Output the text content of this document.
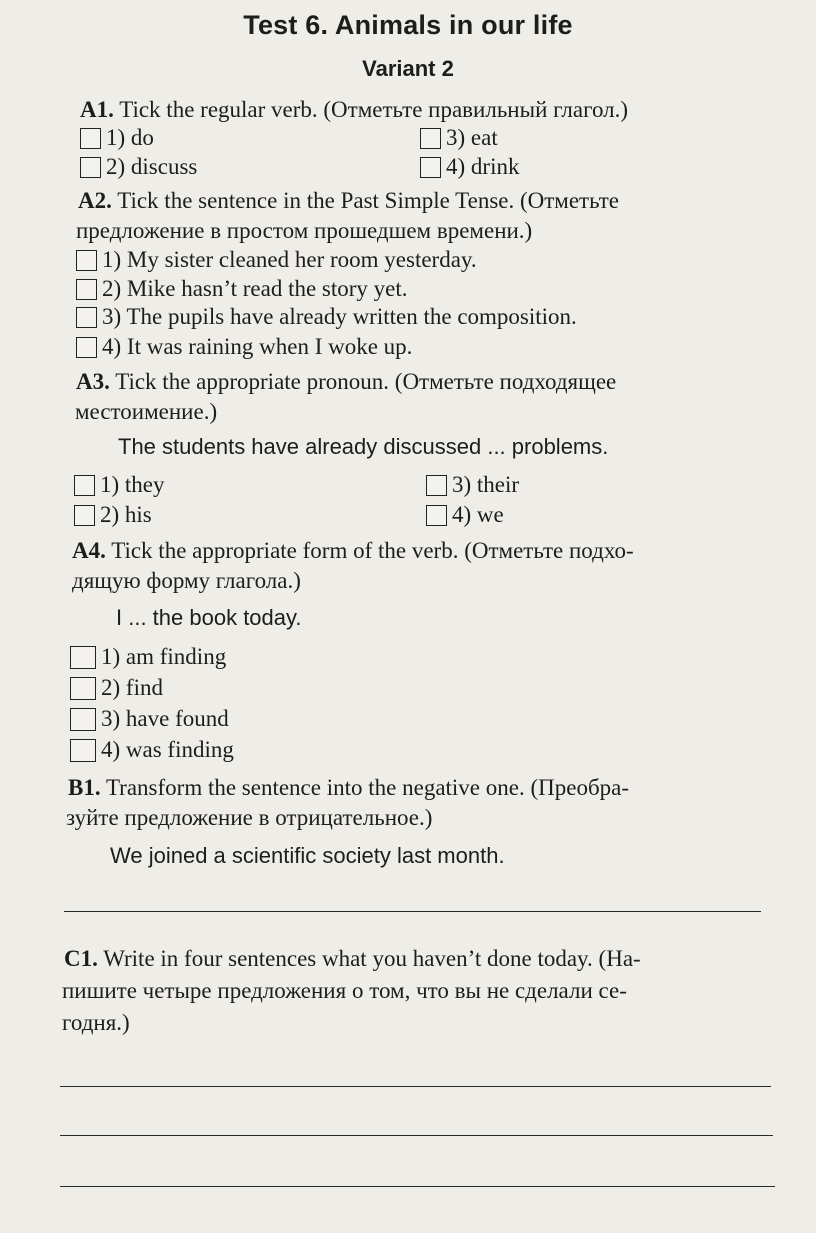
Test 6. Animals in our life
Variant 2
A1. Tick the regular verb. (Отметьте правильный глагол.)
1) do
2) discuss
3) eat
4) drink
A2. Tick the sentence in the Past Simple Tense. (Отметьте
предложение в простом прошедшем времени.)
1) My sister cleaned her room yesterday.
2) Mike hasn’t read the story yet.
3) The pupils have already written the composition.
4) It was raining when I woke up.
A3. Tick the appropriate pronoun. (Отметьте подходящее
местоимение.)
The students have already discussed ... problems.
1) they
2) his
3) their
4) we
A4. Tick the appropriate form of the verb. (Отметьте подхо-
дящую форму глагола.)
I ... the book today.
1) am finding
2) find
3) have found
4) was finding
B1. Transform the sentence into the negative one. (Преобра-
зуйте предложение в отрицательное.)
We joined a scientific society last month.
C1. Write in four sentences what you haven’t done today. (На-
пишите четыре предложения о том, что вы не сделали се-
годня.)
